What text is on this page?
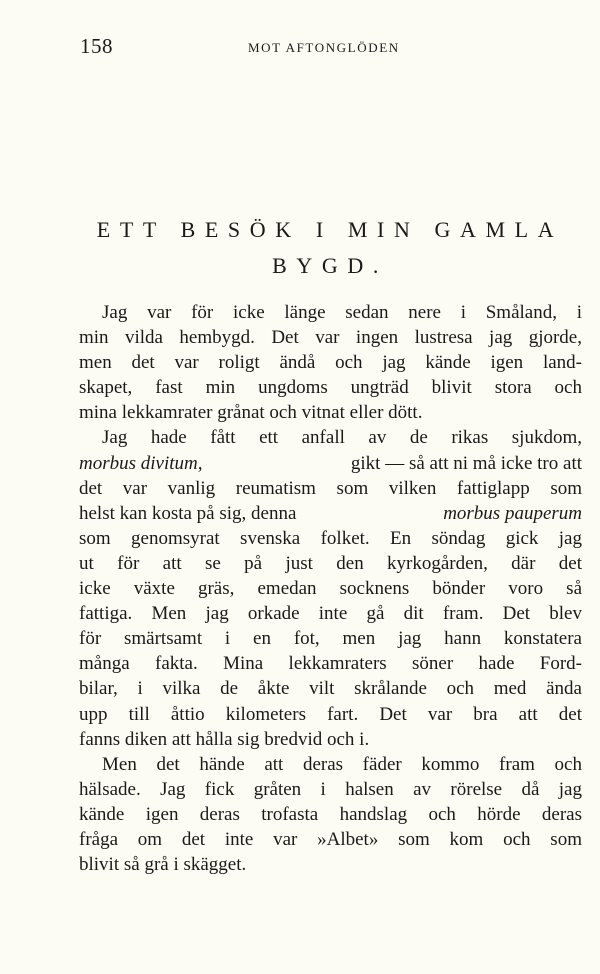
158	MOT AFTONGLÖDEN
ETT BESÖK I MIN GAMLA
BYGD.

Jag var för icke länge sedan nere i Småland, i
min vilda hembygd. Det var ingen lustresa jag gjorde,
men det var roligt ändå och jag kände igen land-
skapet, fast min ungdoms ungträd blivit stora och
mina lekkamrater grånat och vitnat eller dött.

Jag hade fått ett anfall av de rikas sjukdom,
morbus divitum,	gikt — så att ni må icke tro att
det var vanlig reumatism som vilken fattiglapp som
helst kan kosta på sig, denna	morbus pauperum
som genomsyrat svenska folket. En söndag gick jag
ut för att se på just den kyrkogården, där det
icke växte gräs, emedan socknens bönder voro så
fattiga. Men jag orkade inte gå dit fram. Det blev
för smärtsamt i en fot, men jag hann konstatera
många fakta. Mina lekkamraters söner hade Ford-
bilar, i vilka de åkte vilt skrålande och med ända
upp till åttio kilometers fart. Det var bra att det
fanns diken att hålla sig bredvid och i.

Men det hände att deras fäder kommo fram och
hälsade. Jag fick gråten i halsen av rörelse då jag
kände igen deras trofasta handslag och hörde deras
fråga om det inte var »Albet» som kom och som
blivit så grå i skägget.
